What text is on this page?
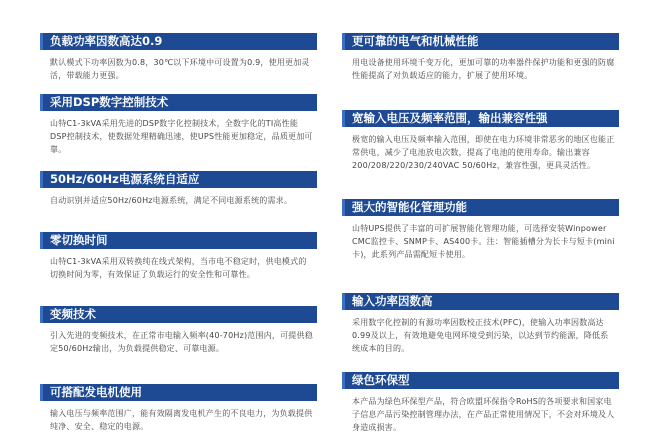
负载功率因数高达0.9
默认模式下功率因数为0.8，30℃以下环境中可设置为0.9，使用更加灵活，带载能力更强。
采用DSP数字控制技术
山特C1-3kVA采用先进的DSP数字化控制技术，全数字化的TI高性能DSP控制技术，使数据处理精确迅速，使UPS性能更加稳定，品质更加可靠。
50Hz/60Hz电源系统自适应
自动识别并适应50Hz/60Hz电源系统，满足不同电源系统的需求。
零切换时间
山特C1-3kVA采用双转换纯在线式架构，当市电不稳定时，供电模式的切换时间为零，有效保证了负载运行的安全性和可靠性。
变频技术
引入先进的变频技术，在正常市电输入频率(40-70Hz)范围内，可提供稳定50/60Hz输出，为负载提供稳定、可靠电源。
可搭配发电机使用
输入电压与频率范围广，能有效隔离发电机产生的不良电力，为负载提供纯净、安全、稳定的电源。
更可靠的电气和机械性能
用电设备使用环境千变万化，更加可靠的功率器件保护功能和更强的防腐性能提高了对负载适应的能力，扩展了使用环境。
宽输入电压及频率范围，输出兼容性强
极宽的输入电压及频率输入范围，即使在电力环境非常恶劣的地区也能正常供电，减少了电池放电次数，提高了电池的使用寿命。输出兼容200/208/220/230/240VAC 50/60Hz，兼容性强，更具灵活性。
强大的智能化管理功能
山特UPS提供了丰富的可扩展智能化管理功能，可选择安装Winpower CMC监控卡、SNMP卡、AS400卡。注：智能插槽分为长卡与短卡(mini卡)，此系列产品需配短卡使用。
输入功率因数高
采用数字化控制的有源功率因数校正技术(PFC)，使输入功率因数高达0.99及以上，有效地避免电网环境受到污染，以达到节约能源，降低系统成本的目的。
绿色环保型
本产品为绿色环保型产品，符合欧盟环保指令RoHS的各项要求和国家电子信息产品污染控制管理办法，在产品正常使用情况下，不会对环境及人身造成损害。
